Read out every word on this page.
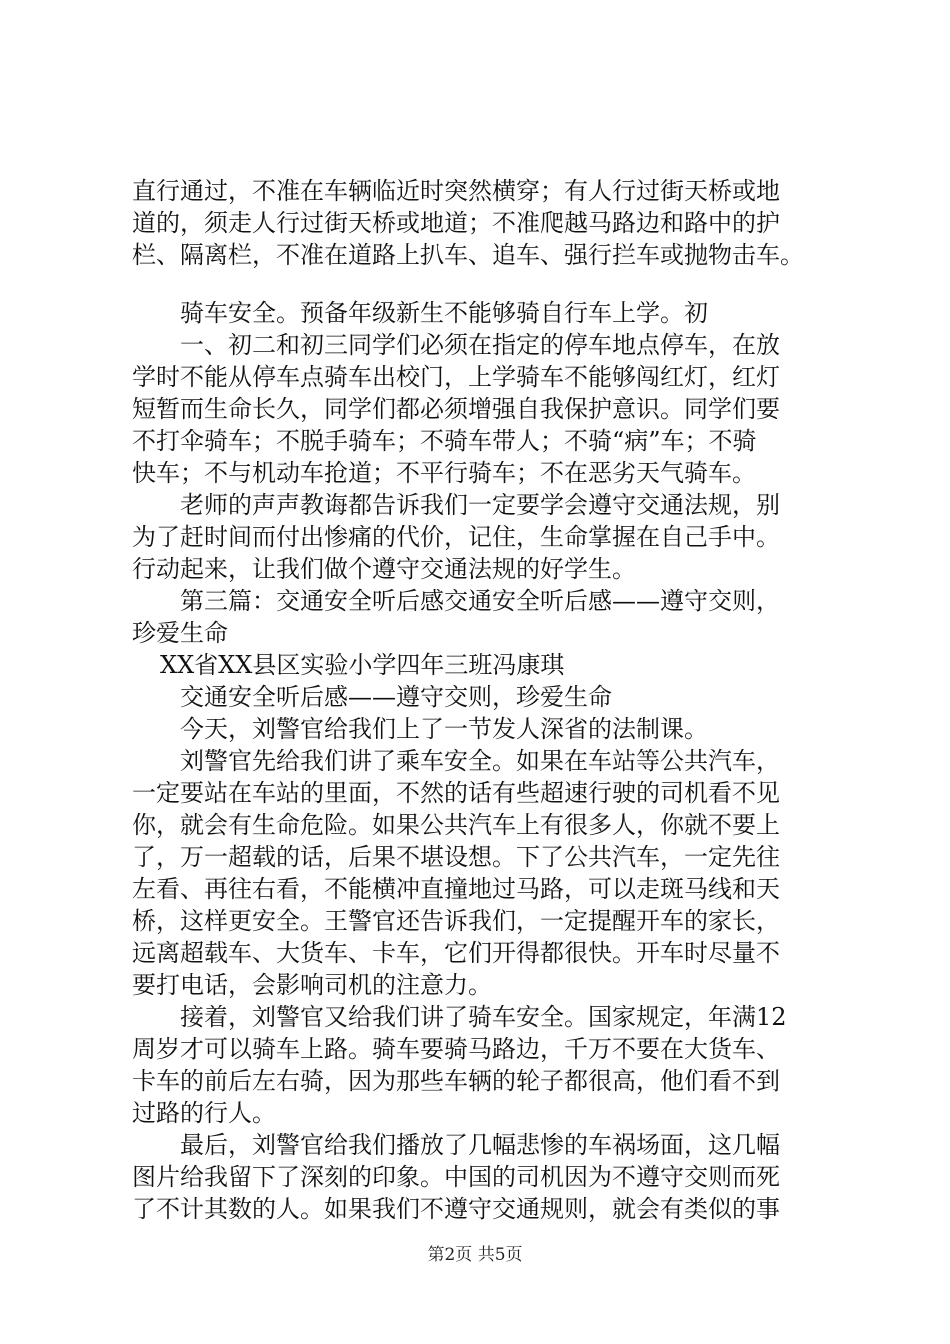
直行通过，不准在车辆临近时突然横穿；有人行过街天桥或地
道的，须走人行过街天桥或地道；不准爬越马路边和路中的护
栏、隔离栏，不准在道路上扒车、追车、强行拦车或抛物击车。
骑车安全。预备年级新生不能够骑自行车上学。初
一、初二和初三同学们必须在指定的停车地点停车，在放
学时不能从停车点骑车出校门，上学骑车不能够闯红灯，红灯
短暂而生命长久，同学们都必须增强自我保护意识。同学们要
不打伞骑车；不脱手骑车；不骑车带人；不骑“病”车；不骑
快车；不与机动车抢道；不平行骑车；不在恶劣天气骑车。
老师的声声教诲都告诉我们一定要学会遵守交通法规，别
为了赶时间而付出惨痛的代价，记住，生命掌握在自己手中。
行动起来，让我们做个遵守交通法规的好学生。
第三篇：交通安全听后感交通安全听后感——遵守交则，
珍爱生命
XX省XX县区实验小学四年三班冯康琪
交通安全听后感——遵守交则，珍爱生命
今天，刘警官给我们上了一节发人深省的法制课。
刘警官先给我们讲了乘车安全。如果在车站等公共汽车，
一定要站在车站的里面，不然的话有些超速行驶的司机看不见
你，就会有生命危险。如果公共汽车上有很多人，你就不要上
了，万一超载的话，后果不堪设想。下了公共汽车，一定先往
左看、再往右看，不能横冲直撞地过马路，可以走斑马线和天
桥，这样更安全。王警官还告诉我们，一定提醒开车的家长，
远离超载车、大货车、卡车，它们开得都很快。开车时尽量不
要打电话，会影响司机的注意力。
接着，刘警官又给我们讲了骑车安全。国家规定，年满12
周岁才可以骑车上路。骑车要骑马路边，千万不要在大货车、
卡车的前后左右骑，因为那些车辆的轮子都很高，他们看不到
过路的行人。
最后，刘警官给我们播放了几幅悲惨的车祸场面，这几幅
图片给我留下了深刻的印象。中国的司机因为不遵守交则而死
了不计其数的人。如果我们不遵守交通规则，就会有类似的事
第2页 共5页
